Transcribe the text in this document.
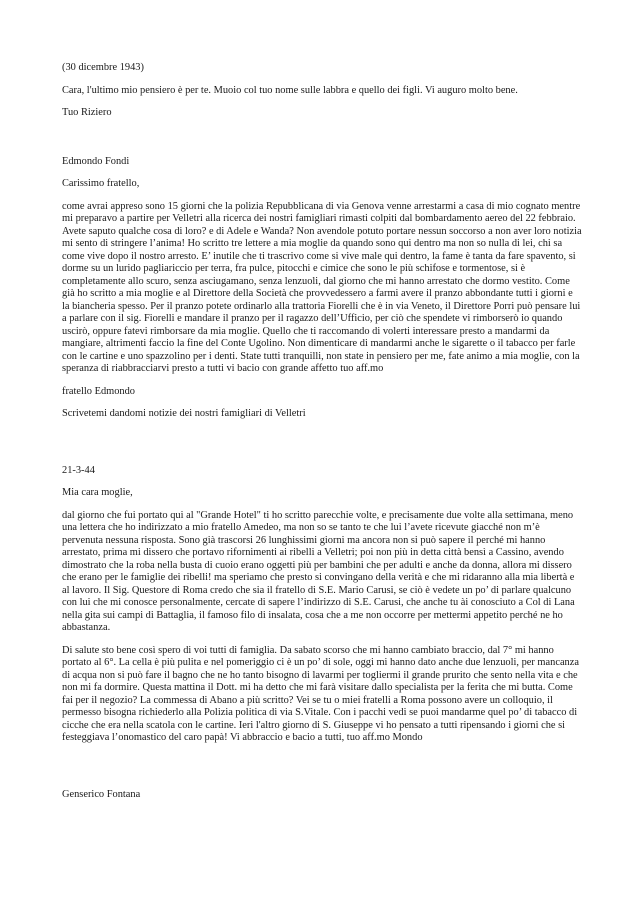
(30 dicembre 1943)

Cara, l'ultimo mio pensiero è per te. Muoio col tuo nome sulle labbra e quello dei figli. Vi auguro molto bene.

Tuo Riziero

Edmondo Fondi

Carissimo fratello,

come avrai appreso sono 15 giorni che la polizia Repubblicana di via Genova venne arrestarmi a casa di mio cognato mentre mi preparavo a partire per Velletri alla ricerca dei nostri famigliari rimasti colpiti dal bombardamento aereo del 22 febbraio. Avete saputo qualche cosa di loro? e di Adele e Wanda? Non avendole potuto portare nessun soccorso a non aver loro notizia mi sento di stringere l’anima! Ho scritto tre lettere a mia moglie da quando sono qui dentro ma non so nulla di lei, chi sa come vive dopo il nostro arresto. E’ inutile che ti trascrivo come si vive male qui dentro, la fame è tanta da fare spavento, si dorme su un lurido pagliariccio per terra, fra pulce, pitocchi e cimice che sono le più schifose e tormentose, si è completamente allo scuro, senza asciugamano, senza lenzuoli, dal giorno che mi hanno arrestato che dormo vestito. Come già ho scritto a mia moglie e al Direttore della Società che provvedessero a farmi avere il pranzo abbondante tutti i giorni e la biancheria spesso. Per il pranzo potete ordinarlo alla trattoria Fiorelli che è in via Veneto, il Direttore Porri può pensare lui a parlare con il sig. Fiorelli e mandare il pranzo per il ragazzo dell’Ufficio, per ciò che spendete vi rimborserò io quando uscirò, oppure fatevi rimborsare da mia moglie. Quello che ti raccomando di volerti interessare presto a mandarmi da mangiare, altrimenti faccio la fine del Conte Ugolino. Non dimenticare di mandarmi anche le sigarette o il tabacco per farle con le cartine e uno spazzolino per i denti. State tutti tranquilli, non state in pensiero per me, fate animo a mia moglie, con la speranza di riabbracciarvi presto a tutti vi bacio con grande affetto tuo aff.mo

fratello Edmondo

Scrivetemi dandomi notizie dei nostri famigliari di Velletri

21-3-44

Mia cara moglie,

dal giorno che fui portato qui al "Grande Hotel" ti ho scritto parecchie volte, e precisamente due volte alla settimana, meno una lettera che ho indirizzato a mio fratello Amedeo, ma non so se tanto te che lui l’avete ricevute giacché non m’è pervenuta nessuna risposta. Sono già trascorsi 26 lunghissimi giorni ma ancora non si può sapere il perché mi hanno arrestato, prima mi dissero che portavo rifornimenti ai ribelli a Velletri; poi non più in detta città bensì a Cassino, avendo dimostrato che la roba nella busta di cuoio erano oggetti più per bambini che per adulti e anche da donna, allora mi dissero che erano per le famiglie dei ribelli! ma speriamo che presto si convingano della verità e che mi ridaranno alla mia libertà e al lavoro. Il Sig. Questore di Roma credo che sia il fratello di S.E. Mario Carusi, se ciò è vedete un po’ di parlare qualcuno con lui che mi conosce personalmente, cercate di sapere l’indirizzo di S.E. Carusi, che anche tu ài conosciuto a Col di Lana nella gita sui campi di Battaglia, il famoso filo di insalata, cosa che a me non occorre per mettermi appetito perché ne ho abbastanza.

Di salute sto bene così spero di voi tutti di famiglia. Da sabato scorso che mi hanno cambiato braccio, dal 7° mi hanno portato al 6°. La cella è più pulita e nel pomeriggio ci è un po’ di sole, oggi mi hanno dato anche due lenzuoli, per mancanza di acqua non si può fare il bagno che ne ho tanto bisogno di lavarmi per togliermi il grande prurito che sento nella vita e che non mi fa dormire. Questa mattina il Dott. mi ha detto che mi farà visitare dallo specialista per la ferita che mi butta. Come fai per il negozio? La commessa di Abano a più scritto? Vei se tu o miei fratelli a Roma possono avere un colloquio, il permesso bisogna richiederlo alla Polizia politica di via S.Vitale. Con i pacchi vedi se puoi mandarme quel po’ di tabacco di cicche che era nella scatola con le cartine. Ieri l'altro giorno di S. Giuseppe vi ho pensato a tutti ripensando i giorni che si festeggiava l’onomastico del caro papà! Vi abbraccio e bacio a tutti, tuo aff.mo Mondo

Genserico Fontana
